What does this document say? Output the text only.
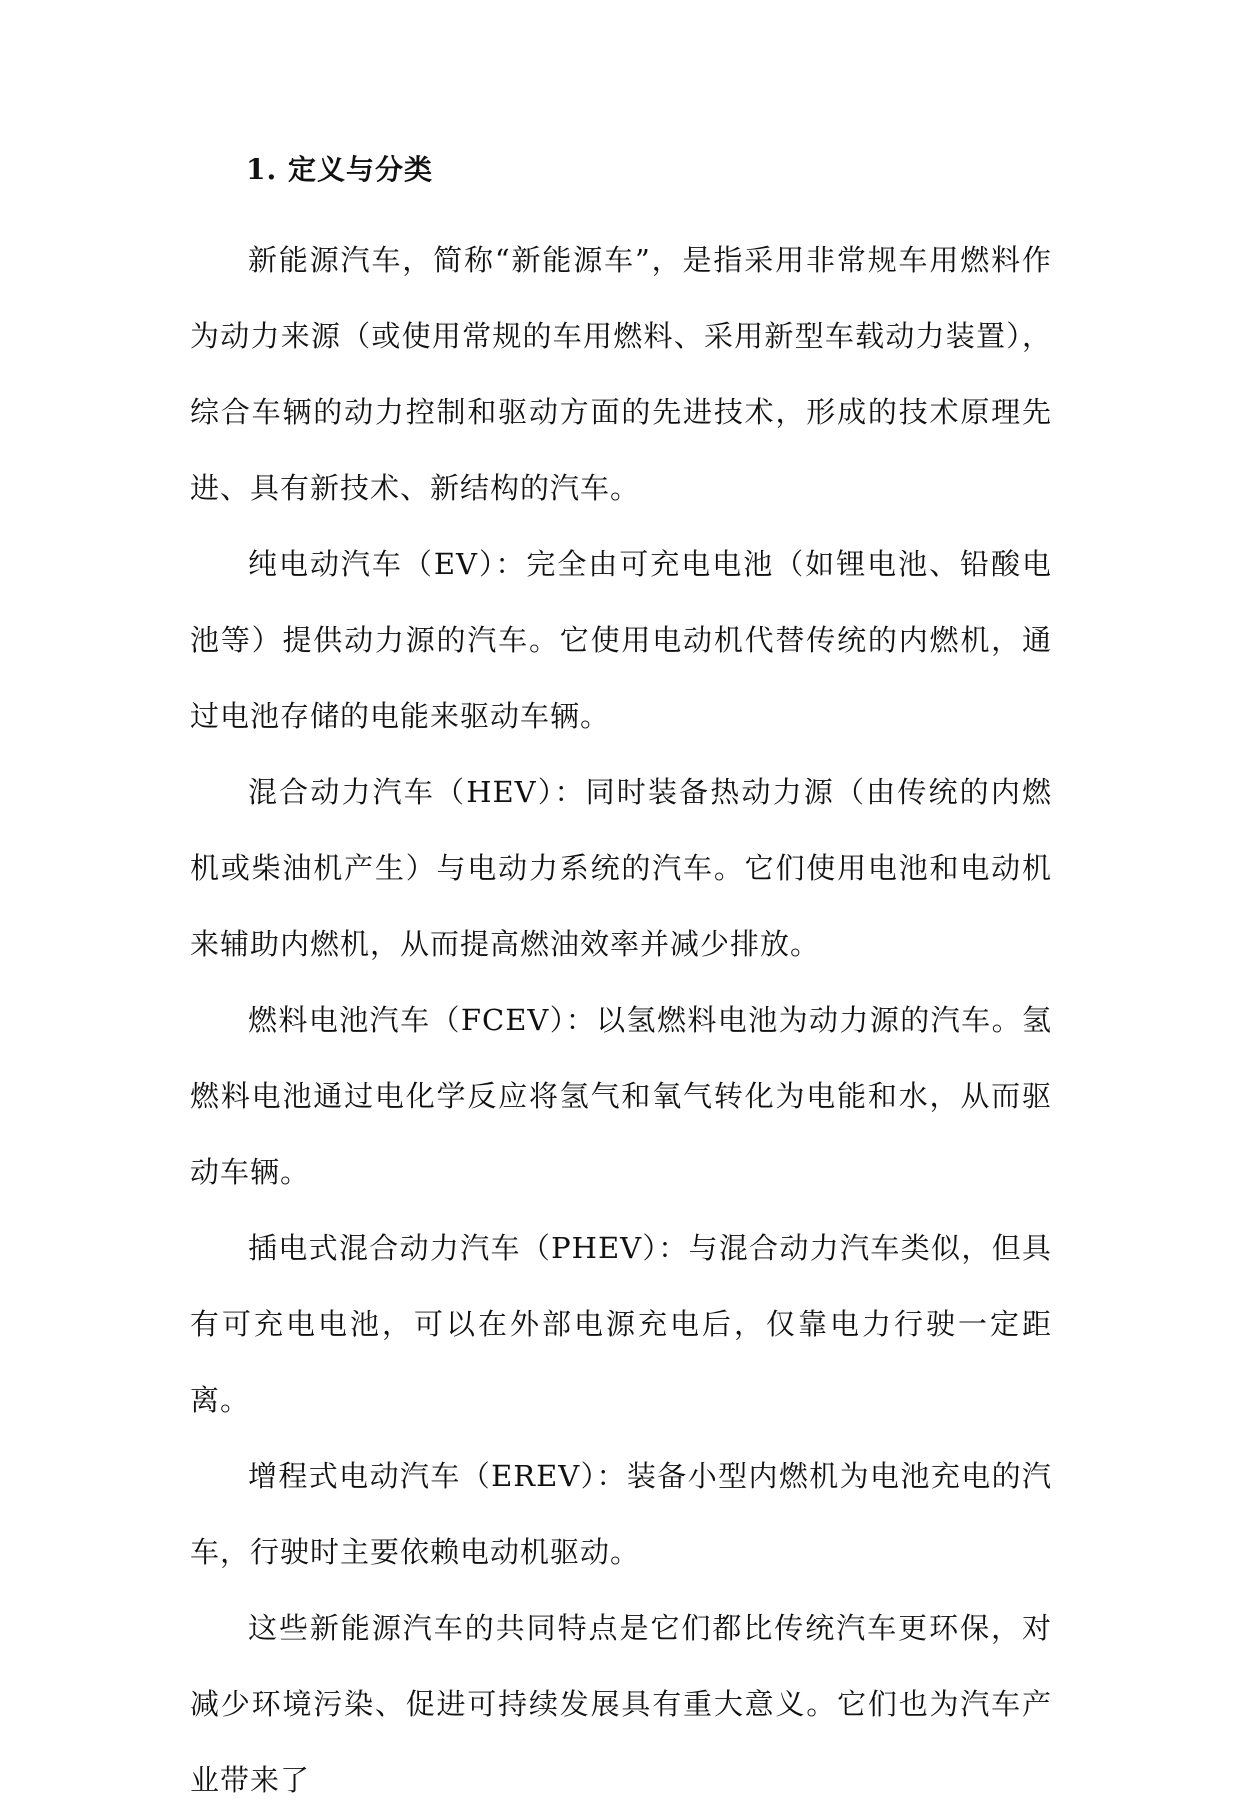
1. 定义与分类

新能源汽车，简称“新能源车”，是指采用非常规车用燃料作为动力来源（或使用常规的车用燃料、采用新型车载动力装置），综合车辆的动力控制和驱动方面的先进技术，形成的技术原理先进、具有新技术、新结构的汽车。

纯电动汽车（EV）：完全由可充电电池（如锂电池、铅酸电池等）提供动力源的汽车。它使用电动机代替传统的内燃机，通过电池存储的电能来驱动车辆。

混合动力汽车（HEV）：同时装备热动力源（由传统的内燃机或柴油机产生）与电动力系统的汽车。它们使用电池和电动机来辅助内燃机，从而提高燃油效率并减少排放。

燃料电池汽车（FCEV）：以氢燃料电池为动力源的汽车。氢燃料电池通过电化学反应将氢气和氧气转化为电能和水，从而驱动车辆。

插电式混合动力汽车（PHEV）：与混合动力汽车类似，但具有可充电电池，可以在外部电源充电后，仅靠电力行驶一定距离。

增程式电动汽车（EREV）：装备小型内燃机为电池充电的汽车，行驶时主要依赖电动机驱动。

这些新能源汽车的共同特点是它们都比传统汽车更环保，对减少环境污染、促进可持续发展具有重大意义。它们也为汽车产业带来了
